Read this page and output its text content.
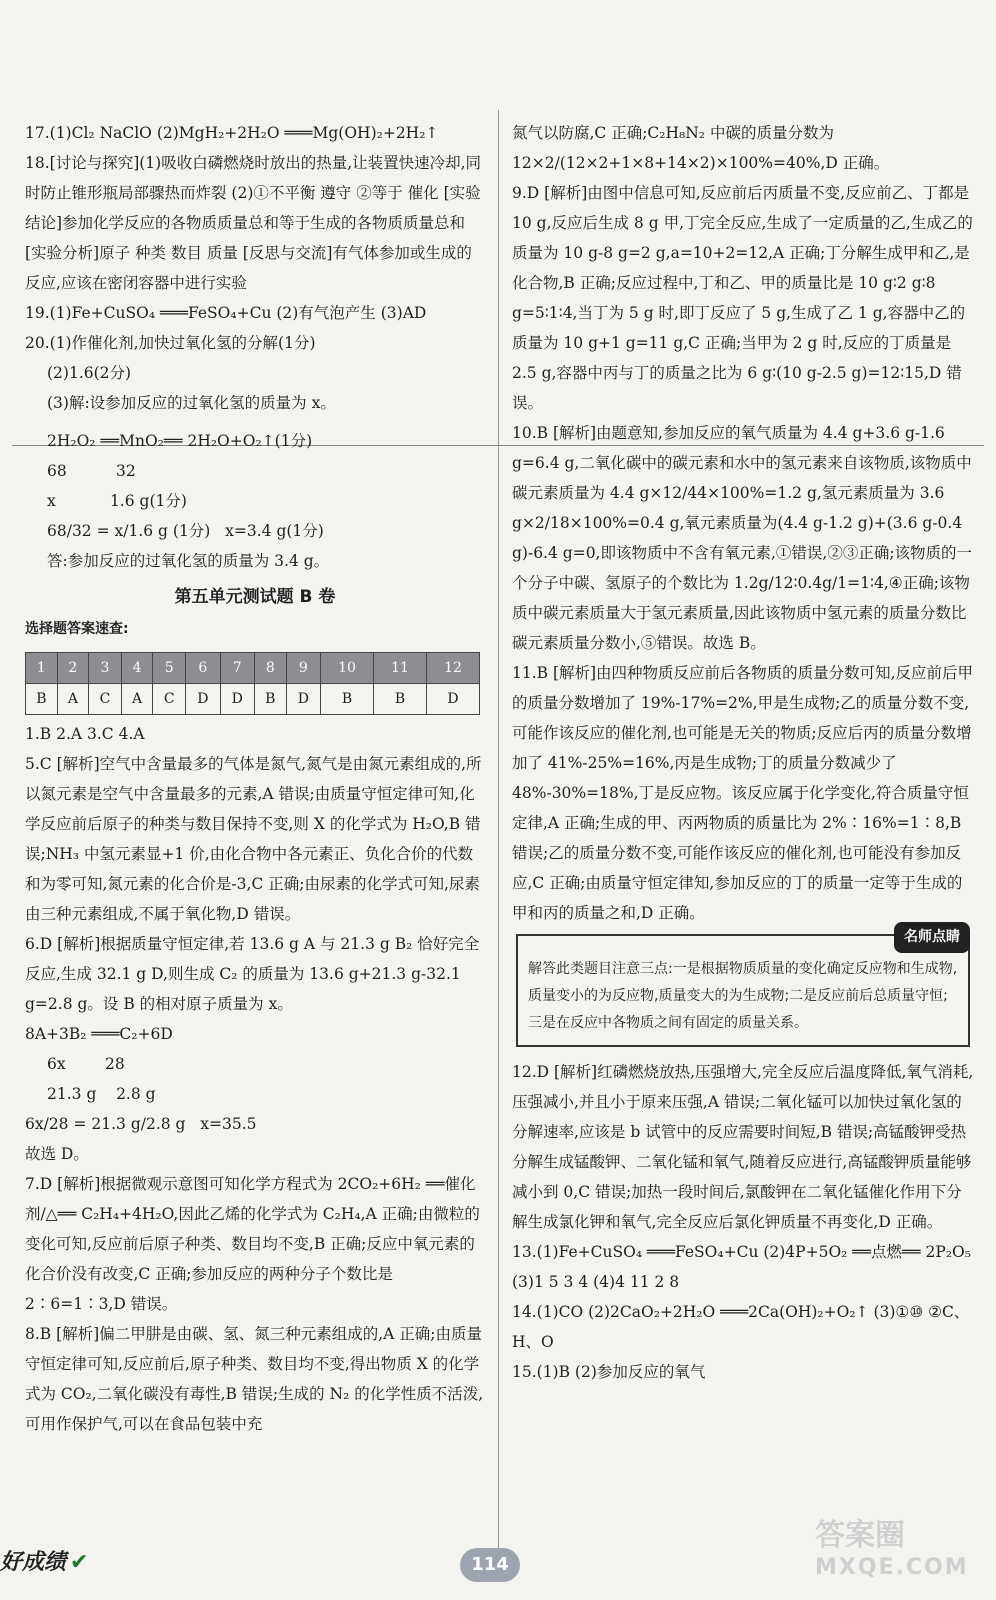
17.(1)Cl₂ NaClO (2)MgH₂+2H₂O ═══Mg(OH)₂+2H₂↑

18.[讨论与探究](1)吸收白磷燃烧时放出的热量,让装置快速冷却,同时防止锥形瓶局部骤热而炸裂 (2)①不平衡 遵守 ②等于 催化 [实验结论]参加化学反应的各物质质量总和等于生成的各物质质量总和 [实验分析]原子 种类 数目 质量 [反思与交流]有气体参加或生成的反应,应该在密闭容器中进行实验

19.(1)Fe+CuSO₄ ═══FeSO₄+Cu (2)有气泡产生 (3)AD

20.(1)作催化剂,加快过氧化氢的分解(1分)

(2)1.6(2分)

(3)解:设参加反应的过氧化氢的质量为 x。

2H₂O₂ ══MnO₂══ 2H₂O+O₂↑(1分)

68          32

x           1.6 g(1分)

68/32 = x/1.6 g (1分)   x=3.4 g(1分)

答:参加反应的过氧化氢的质量为 3.4 g。

第五单元测试题 B 卷

选择题答案速查:

1	2	3	4	5	6	7	8	9	10	11	12
B	A	C	A	C	D	D	B	D	B	B	D

1.B 2.A 3.C 4.A

5.C [解析]空气中含量最多的气体是氮气,氮气是由氮元素组成的,所以氮元素是空气中含量最多的元素,A 错误;由质量守恒定律可知,化学反应前后原子的种类与数目保持不变,则 X 的化学式为 H₂O,B 错误;NH₃ 中氢元素显+1 价,由化合物中各元素正、负化合价的代数和为零可知,氮元素的化合价是-3,C 正确;由尿素的化学式可知,尿素由三种元素组成,不属于氧化物,D 错误。

6.D [解析]根据质量守恒定律,若 13.6 g A 与 21.3 g B₂ 恰好完全反应,生成 32.1 g D,则生成 C₂ 的质量为 13.6 g+21.3 g-32.1 g=2.8 g。设 B 的相对原子质量为 x。

8A+3B₂ ═══C₂+6D

6x        28

21.3 g    2.8 g

6x/28 = 21.3 g/2.8 g   x=35.5

故选 D。

7.D [解析]根据微观示意图可知化学方程式为 2CO₂+6H₂ ══催化剂/△══ C₂H₄+4H₂O,因此乙烯的化学式为 C₂H₄,A 正确;由微粒的变化可知,反应前后原子种类、数目均不变,B 正确;反应中氧元素的化合价没有改变,C 正确;参加反应的两种分子个数比是 2∶6=1∶3,D 错误。

8.B [解析]偏二甲肼是由碳、氢、氮三种元素组成的,A 正确;由质量守恒定律可知,反应前后,原子种类、数目均不变,得出物质 X 的化学式为 CO₂,二氧化碳没有毒性,B 错误;生成的 N₂ 的化学性质不活泼,可用作保护气,可以在食品包装中充

氮气以防腐,C 正确;C₂H₈N₂ 中碳的质量分数为 12×2/(12×2+1×8+14×2)×100%=40%,D 正确。

9.D [解析]由图中信息可知,反应前后丙质量不变,反应前乙、丁都是 10 g,反应后生成 8 g 甲,丁完全反应,生成了一定质量的乙,生成乙的质量为 10 g-8 g=2 g,a=10+2=12,A 正确;丁分解生成甲和乙,是化合物,B 正确;反应过程中,丁和乙、甲的质量比是 10 g∶2 g∶8 g=5∶1∶4,当丁为 5 g 时,即丁反应了 5 g,生成了乙 1 g,容器中乙的质量为 10 g+1 g=11 g,C 正确;当甲为 2 g 时,反应的丁质量是 2.5 g,容器中丙与丁的质量之比为 6 g∶(10 g-2.5 g)=12∶15,D 错误。

10.B [解析]由题意知,参加反应的氧气质量为 4.4 g+3.6 g-1.6 g=6.4 g,二氧化碳中的碳元素和水中的氢元素来自该物质,该物质中碳元素质量为 4.4 g×12/44×100%=1.2 g,氢元素质量为 3.6 g×2/18×100%=0.4 g,氧元素质量为(4.4 g-1.2 g)+(3.6 g-0.4 g)-6.4 g=0,即该物质中不含有氧元素,①错误,②③正确;该物质的一个分子中碳、氢原子的个数比为 1.2g/12∶0.4g/1=1∶4,④正确;该物质中碳元素质量大于氢元素质量,因此该物质中氢元素的质量分数比碳元素质量分数小,⑤错误。故选 B。

11.B [解析]由四种物质反应前后各物质的质量分数可知,反应前后甲的质量分数增加了 19%-17%=2%,甲是生成物;乙的质量分数不变,可能作该反应的催化剂,也可能是无关的物质;反应后丙的质量分数增加了 41%-25%=16%,丙是生成物;丁的质量分数减少了 48%-30%=18%,丁是反应物。该反应属于化学变化,符合质量守恒定律,A 正确;生成的甲、丙两物质的质量比为 2%∶16%=1∶8,B 错误;乙的质量分数不变,可能作该反应的催化剂,也可能没有参加反应,C 正确;由质量守恒定律知,参加反应的丁的质量一定等于生成的甲和丙的质量之和,D 正确。

名师点睛
解答此类题目注意三点:一是根据物质质量的变化确定反应物和生成物,质量变小的为反应物,质量变大的为生成物;二是反应前后总质量守恒;三是在反应中各物质之间有固定的质量关系。

12.D [解析]红磷燃烧放热,压强增大,完全反应后温度降低,氧气消耗,压强减小,并且小于原来压强,A 错误;二氧化锰可以加快过氧化氢的分解速率,应该是 b 试管中的反应需要时间短,B 错误;高锰酸钾受热分解生成锰酸钾、二氧化锰和氧气,随着反应进行,高锰酸钾质量能够减小到 0,C 错误;加热一段时间后,氯酸钾在二氧化锰催化作用下分解生成氯化钾和氧气,完全反应后氯化钾质量不再变化,D 正确。

13.(1)Fe+CuSO₄ ═══FeSO₄+Cu (2)4P+5O₂ ══点燃══ 2P₂O₅ (3)1 5 3 4 (4)4 11 2 8

14.(1)CO (2)2CaO₂+2H₂O ═══2Ca(OH)₂+O₂↑ (3)①⑩ ②C、H、O

15.(1)B (2)参加反应的氧气

好成绩 ✔	114
答案圈
MXQE.COM
